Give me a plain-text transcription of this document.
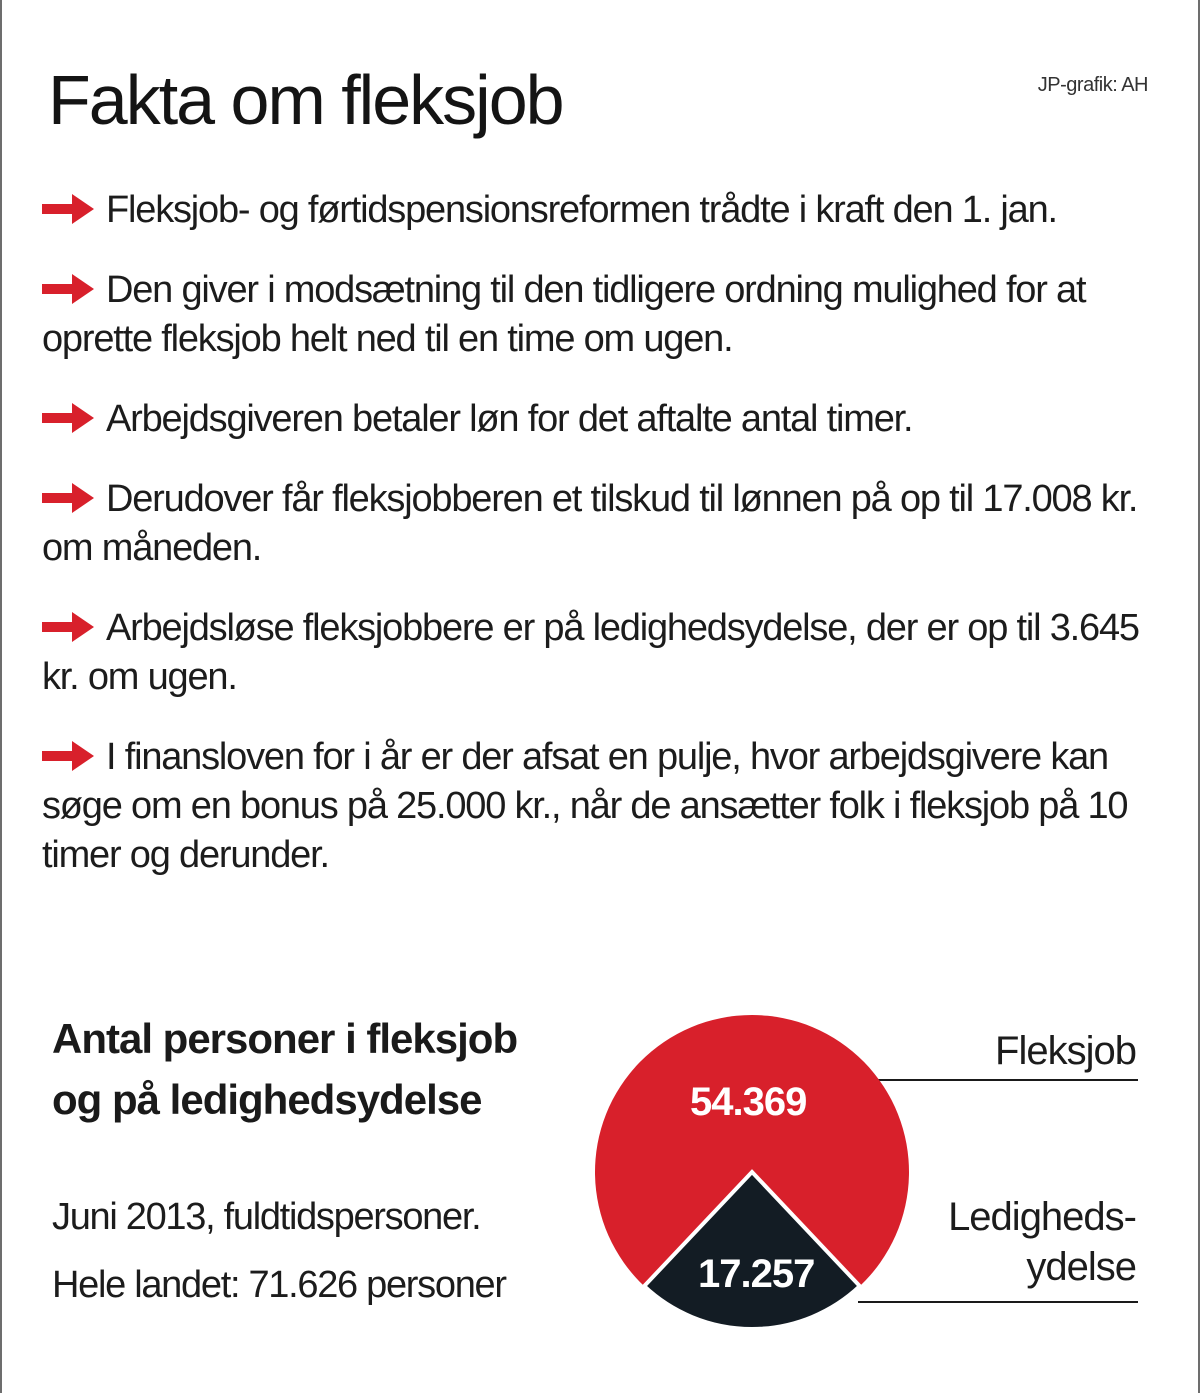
Fakta om fleksjob	JP-grafik: AH
Fleksjob- og førtidspensionsreformen trådte i kraft den 1. jan.
Den giver i modsætning til den tidligere ordning mulighed for at oprette fleksjob helt ned til en time om ugen.
Arbejdsgiveren betaler løn for det aftalte antal timer.
Derudover får fleksjobberen et tilskud til lønnen på op til 17.008 kr. om måneden.
Arbejdsløse fleksjobbere er på ledighedsydelse, der er op til 3.645 kr. om ugen.
I finansloven for i år er der afsat en pulje, hvor arbejdsgivere kan søge om en bonus på 25.000 kr., når de ansætter folk i fleksjob på 10 timer og derunder.
Antal personer i fleksjob og på ledighedsydelse
Juni 2013, fuldtidspersoner.
Hele landet: 71.626 personer
54.369
17.257
Fleksjob
Ledigheds-
ydelse
